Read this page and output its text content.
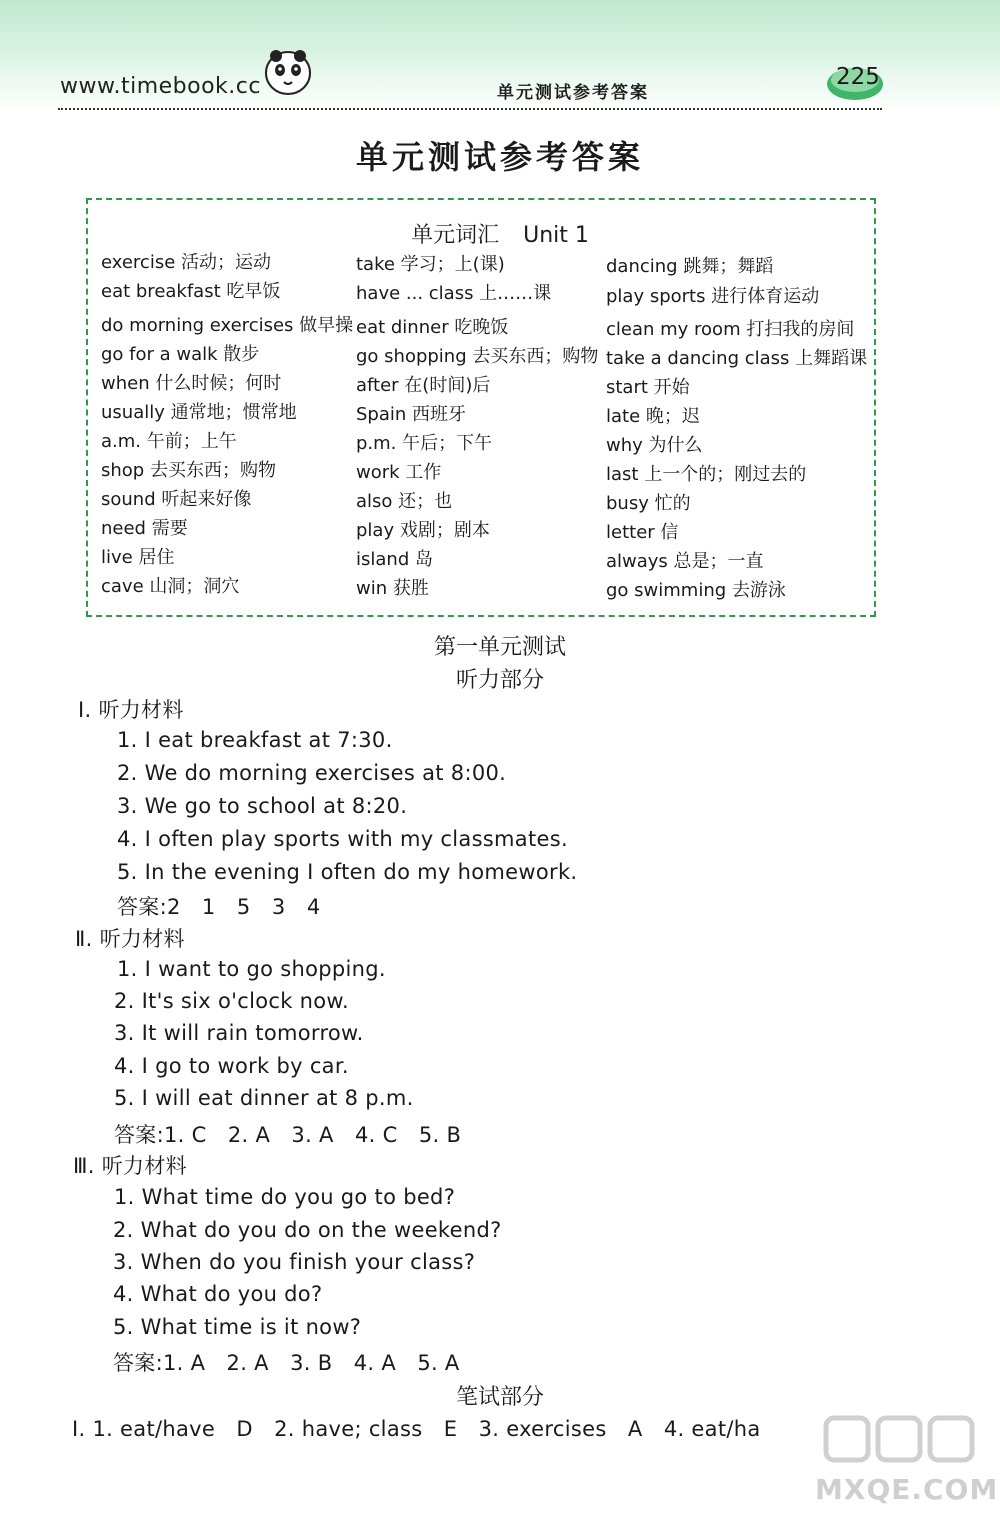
www.timebook.cc	单元测试参考答案
225
单元测试参考答案
单元词汇 Unit 1
exercise 活动；运动
eat breakfast 吃早饭
do morning exercises 做早操
go for a walk 散步
when 什么时候；何时
usually 通常地；惯常地
a.m. 午前；上午
shop 去买东西；购物
sound 听起来好像
need 需要
live 居住
cave 山洞；洞穴
take 学习；上(课)
have ... class 上……课
eat dinner 吃晚饭
go shopping 去买东西；购物
after 在(时间)后
Spain 西班牙
p.m. 午后；下午
work 工作
also 还；也
play 戏剧；剧本
island 岛
win 获胜
dancing 跳舞；舞蹈
play sports 进行体育运动
clean my room 打扫我的房间
take a dancing class 上舞蹈课
start 开始
late 晚；迟
why 为什么
last 上一个的；刚过去的
busy 忙的
letter 信
always 总是；一直
go swimming 去游泳
第一单元测试
听力部分
Ⅰ. 听力材料
1. I eat breakfast at 7:30.
2. We do morning exercises at 8:00.
3. We go to school at 8:20.
4. I often play sports with my classmates.
5. In the evening I often do my homework.
答案:2　1　5　3　4
Ⅱ. 听力材料
1. I want to go shopping.
2. It's six o'clock now.
3. It will rain tomorrow.
4. I go to work by car.
5. I will eat dinner at 8 p.m.
答案:1. C　2. A　3. A　4. C　5. B
Ⅲ. 听力材料
1. What time do you go to bed?
2. What do you do on the weekend?
3. When do you finish your class?
4. What do you do?
5. What time is it now?
答案:1. A　2. A　3. B　4. A　5. A
笔试部分
Ⅰ. 1. eat/have　D　2. have; class　E　3. exercises　A　4. eat/ha
MXQE.COM
